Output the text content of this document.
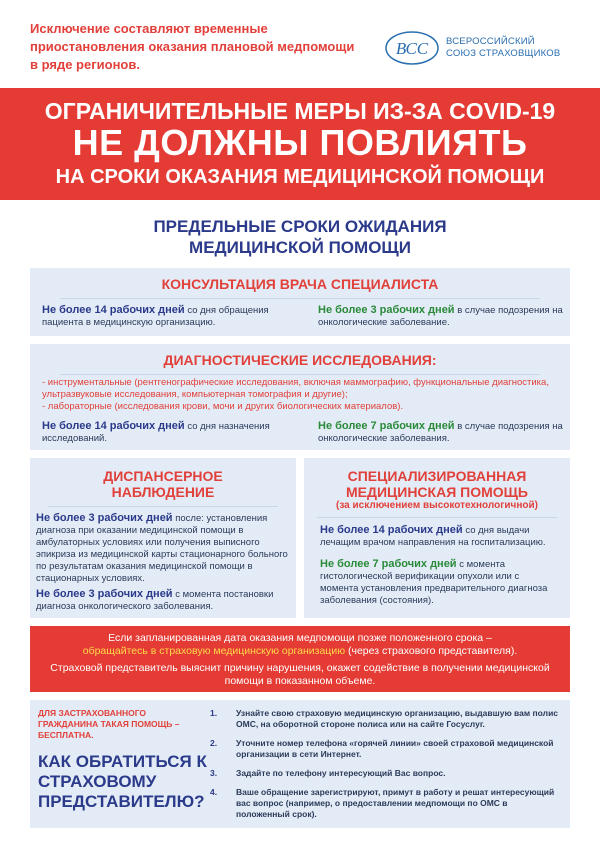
Исключение составляют временные приостановления оказания плановой медпомощи в ряде регионов.
ВСС ВСЕРОССИЙСКИЙ
СОЮЗ СТРАХОВЩИКОВ
ОГРАНИЧИТЕЛЬНЫЕ МЕРЫ ИЗ-ЗА COVID-19
НЕ ДОЛЖНЫ ПОВЛИЯТЬ
НА СРОКИ ОКАЗАНИЯ МЕДИЦИНСКОЙ ПОМОЩИ
ПРЕДЕЛЬНЫЕ СРОКИ ОЖИДАНИЯ
МЕДИЦИНСКОЙ ПОМОЩИ
КОНСУЛЬТАЦИЯ ВРАЧА СПЕЦИАЛИСТА
Не более 14 рабочих дней со дня обращения пациента в медицинскую организацию.
Не более 3 рабочих дней в случае подозрения на онкологические заболевание.
ДИАГНОСТИЧЕСКИЕ ИССЛЕДОВАНИЯ:
- инструментальные (рентгенографические исследования, включая маммографию, функциональные диагностика, ультразвуковые исследования, компьютерная томография и другие);
- лабораторные (исследования крови, мочи и других биологических материалов).
Не более 14 рабочих дней со дня назначения исследований.
Не более 7 рабочих дней в случае подозрения на онкологические заболевания.
ДИСПАНСЕРНОЕ
НАБЛЮДЕНИЕ
Не более 3 рабочих дней после: установления диагноза при оказании медицинской помощи в амбулаторных условиях или получения выписного эпикриза из медицинской карты стационарного больного по результатам оказания медицинской помощи в стационарных условиях.
Не более 3 рабочих дней с момента постановки диагноза онкологического заболевания.
СПЕЦИАЛИЗИРОВАННАЯ
МЕДИЦИНСКАЯ ПОМОЩЬ
(за исключением высокотехнологичной)
Не более 14 рабочих дней со дня выдачи лечащим врачом направления на госпитализацию.
Не более 7 рабочих дней с момента гистологической верификации опухоли или с момента установления предварительного диагноза заболевания (состояния).
Если запланированная дата оказания медпомощи позже положенного срока –
обращайтесь в страховую медицинскую организацию (через страхового представителя).
Страховой представитель выяснит причину нарушения, окажет содействие в получении медицинской помощи в показанном объеме.
ДЛЯ ЗАСТРАХОВАННОГО ГРАЖДАНИНА ТАКАЯ ПОМОЩЬ – БЕСПЛАТНА.
КАК ОБРАТИТЬСЯ К СТРАХОВОМУ ПРЕДСТАВИТЕЛЮ?
1. Узнайте свою страховую медицинскую организацию, выдавшую вам полис ОМС, на оборотной стороне полиса или на сайте Госуслуг.
2. Уточните номер телефона «горячей линии» своей страховой медицинской организации в сети Интернет.
3. Задайте по телефону интересующий Вас вопрос.
4. Ваше обращение зарегистрируют, примут в работу и решат интересующий вас вопрос (например, о предоставлении медпомощи по ОМС в положенный срок).
